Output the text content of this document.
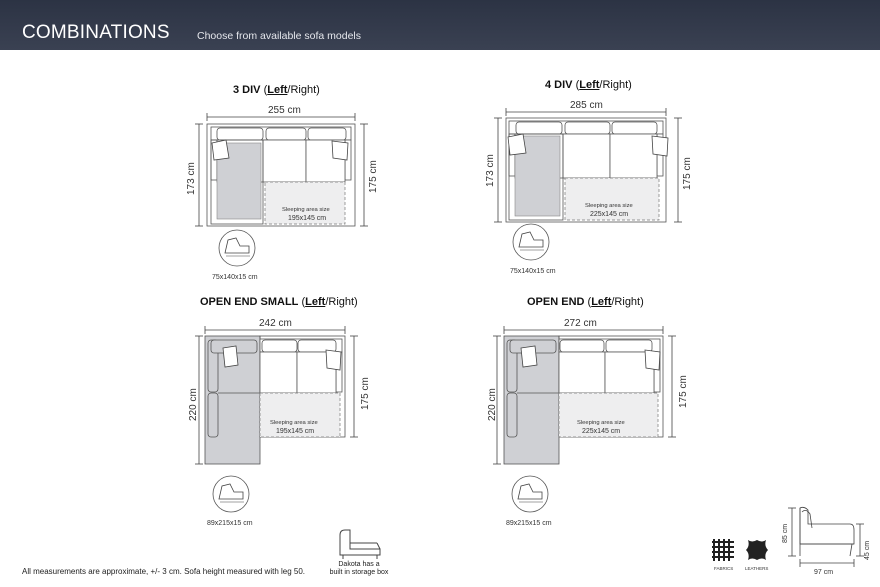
COMBINATIONS	Choose from available sofa models
3 DIV (Left/Right)	4 DIV (Left/Right)
OPEN END SMALL (Left/Right)	OPEN END (Left/Right)
255 cm
173 cm	175 cm
Sleeping area size
195x145 cm
75x140x15 cm
285 cm
173 cm	175 cm
Sleeping area size
225x145 cm
75x140x15 cm
242 cm
220 cm	175 cm
Sleeping area size
195x145 cm
89x215x15 cm
272 cm
220 cm	175 cm
Sleeping area size
225x145 cm
89x215x15 cm
Dakota has a
built in storage box
All measurements are approximate, +/- 3 cm. Sofa height measured with leg 50.	FABRICS	LEATHERS
85 cm
45 cm
97 cm
